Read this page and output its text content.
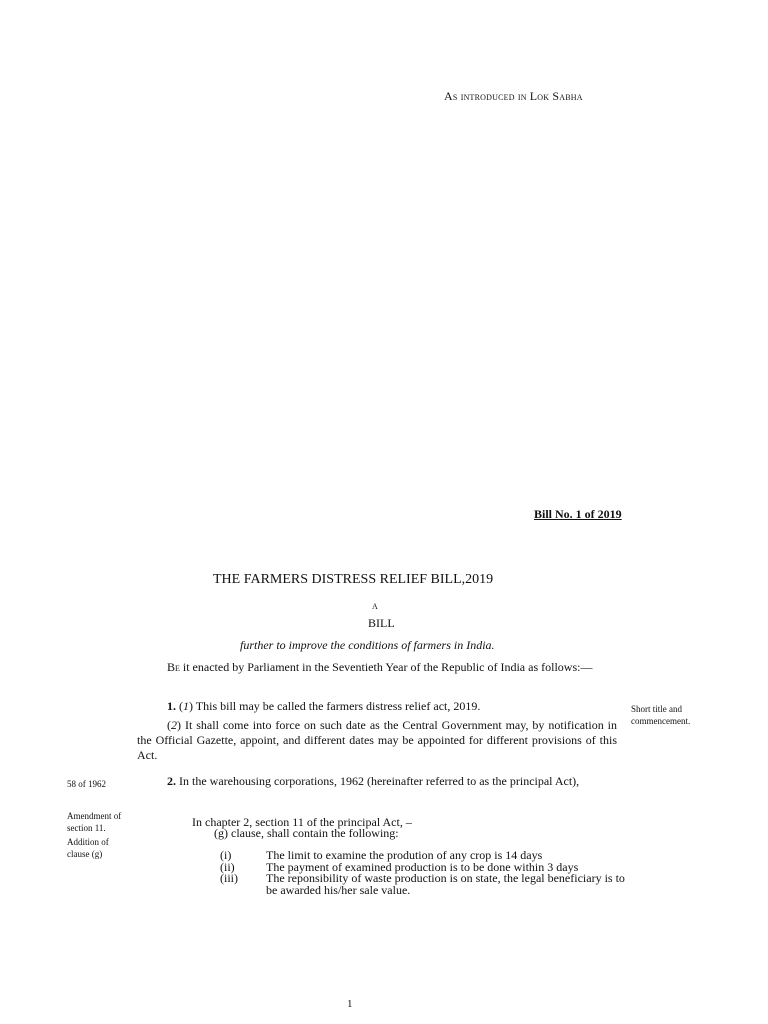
As introduced in Lok Sabha
Bill No. 1 of 2019
THE FARMERS DISTRESS RELIEF BILL,2019
A
BILL
further to improve the conditions of farmers in India.
Be it enacted by Parliament in the Seventieth Year of the Republic of India as follows:—
1. (1) This bill may be called the farmers distress relief act, 2019.
(2) It shall come into force on such date as the Central Government may, by notification in the Official Gazette, appoint, and different dates may be appointed for different provisions of this Act.
2. In the warehousing corporations, 1962 (hereinafter referred to as the principal Act),
Short title and
commencement.
58 of 1962
Amendment of
section 11.
Addition of
clause (g)
In chapter 2, section 11 of the principal Act, –
(g) clause, shall contain the following:
(i)	The limit to examine the prodution of any crop is 14 days
(ii)	The payment of examined production is to be done within 3 days
(iii)	The reponsibility of waste production is on state, the legal beneficiary is to be awarded his/her sale value.
1
